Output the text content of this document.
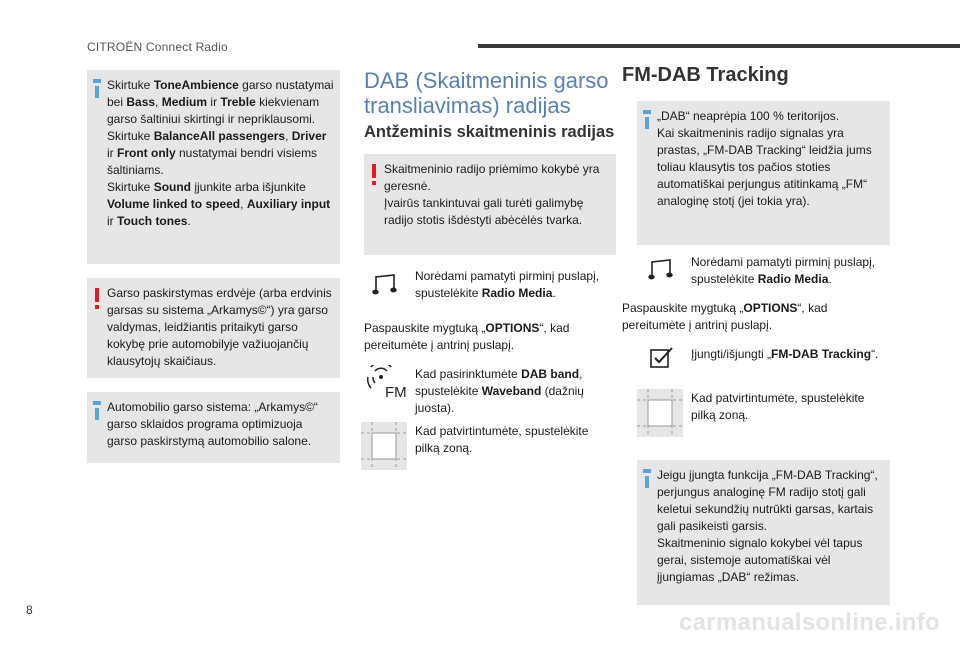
CITROËN Connect Radio
Skirtuke ToneAmbience garso nustatymai bei Bass, Medium ir Treble kiekvienam garso šaltiniui skirtingi ir nepriklausomi.
Skirtuke BalanceAll passengers, Driver ir Front only nustatymai bendri visiems šaltiniams.
Skirtuke Sound įjunkite arba išjunkite Volume linked to speed, Auxiliary input ir Touch tones.
Garso paskirstymas erdvėje (arba erdvinis garsas su sistema „Arkamys©“) yra garso valdymas, leidžiantis pritaikyti garso kokybę prie automobilyje važiuojančių klausytojų skaičiaus.
Automobilio garso sistema: „Arkamys©“ garso sklaidos programa optimizuoja garso paskirstymą automobilio salone.
DAB (Skaitmeninis garso transliavimas) radijas
Antžeminis skaitmeninis radijas
Skaitmeninio radijo priėmimo kokybė yra geresnė.
Įvairūs tankintuvai gali turėti galimybę radijo stotis išdėstyti abėcėlės tvarka.
Norėdami pamatyti pirminį puslapį, spustelėkite Radio Media.
Paspauskite mygtuką „OPTIONS“, kad pereitumėte į antrinį puslapį.
FM
Kad pasirinktumėte DAB band, spustelėkite Waveband (dažnių juosta).
Kad patvirtintumėte, spustelėkite pilką zoną.
FM-DAB Tracking
„DAB“ neaprėpia 100 % teritorijos.
Kai skaitmeninis radijo signalas yra prastas, „FM-DAB Tracking“ leidžia jums toliau klausytis tos pačios stoties automatiškai perjungus atitinkamą „FM“ analoginę stotį (jei tokia yra).
Norėdami pamatyti pirminį puslapį, spustelėkite Radio Media.
Paspauskite mygtuką „OPTIONS“, kad pereitumėte į antrinį puslapį.
Įjungti/išjungti „FM-DAB Tracking“.
Kad patvirtintumėte, spustelėkite pilką zoną.
Jeigu įjungta funkcija „FM-DAB Tracking“, perjungus analoginę FM radijo stotį gali keletui sekundžių nutrūkti garsas, kartais gali pasikeisti garsis.
Skaitmeninio signalo kokybei vėl tapus gerai, sistemoje automatiškai vėl įjungiamas „DAB“ režimas.
8	carmanualsonline.info
